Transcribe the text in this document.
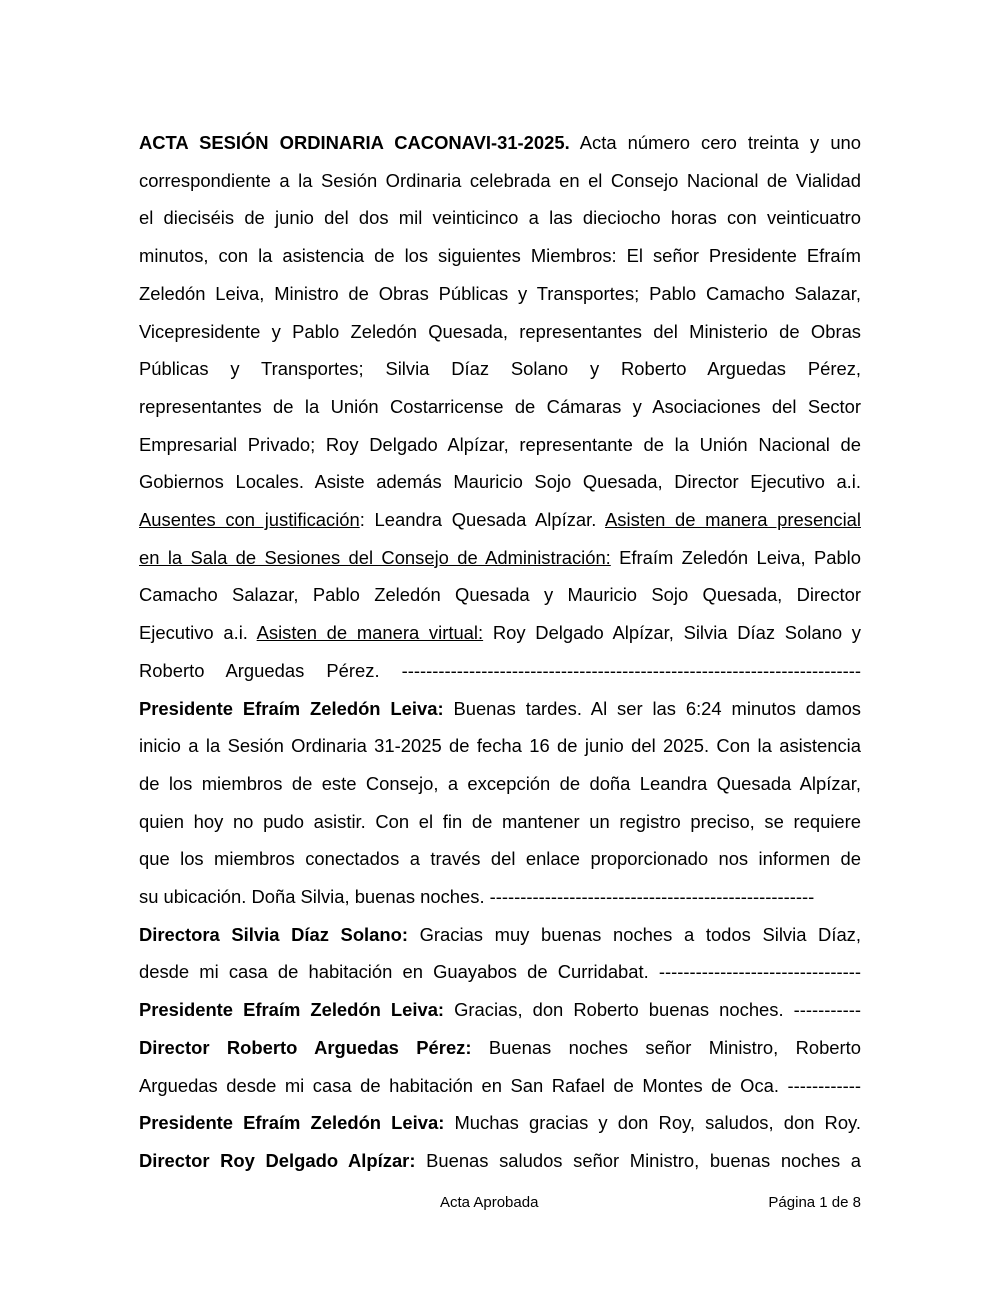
ACTA SESIÓN ORDINARIA CACONAVI-31-2025. Acta número cero treinta y uno
correspondiente a la Sesión Ordinaria celebrada en el Consejo Nacional de Vialidad
el dieciséis de junio del dos mil veinticinco a las dieciocho horas con veinticuatro
minutos, con la asistencia de los siguientes Miembros: El señor Presidente Efraím
Zeledón Leiva, Ministro de Obras Públicas y Transportes; Pablo Camacho Salazar,
Vicepresidente y Pablo Zeledón Quesada, representantes del Ministerio de Obras
Públicas y Transportes; Silvia Díaz Solano y Roberto Arguedas Pérez,
representantes de la Unión Costarricense de Cámaras y Asociaciones del Sector
Empresarial Privado; Roy Delgado Alpízar, representante de la Unión Nacional de
Gobiernos Locales. Asiste además Mauricio Sojo Quesada, Director Ejecutivo a.i.
Ausentes con justificación: Leandra Quesada Alpízar. Asisten de manera presencial
en la Sala de Sesiones del Consejo de Administración: Efraím Zeledón Leiva, Pablo
Camacho Salazar, Pablo Zeledón Quesada y Mauricio Sojo Quesada, Director
Ejecutivo a.i. Asisten de manera virtual: Roy Delgado Alpízar, Silvia Díaz Solano y
Roberto Arguedas Pérez. ---------------------------------------------------------------------------
Presidente Efraím Zeledón Leiva: Buenas tardes. Al ser las 6:24 minutos damos
inicio a la Sesión Ordinaria 31-2025 de fecha 16 de junio del 2025. Con la asistencia
de los miembros de este Consejo, a excepción de doña Leandra Quesada Alpízar,
quien hoy no pudo asistir. Con el fin de mantener un registro preciso, se requiere
que los miembros conectados a través del enlace proporcionado nos informen de
su ubicación. Doña Silvia, buenas noches. -----------------------------------------------------
Directora Silvia Díaz Solano: Gracias muy buenas noches a todos Silvia Díaz,
desde mi casa de habitación en Guayabos de Curridabat. ---------------------------------
Presidente Efraím Zeledón Leiva: Gracias, don Roberto buenas noches. -----------
Director Roberto Arguedas Pérez: Buenas noches señor Ministro, Roberto
Arguedas desde mi casa de habitación en San Rafael de Montes de Oca. ------------
Presidente Efraím Zeledón Leiva: Muchas gracias y don Roy, saludos, don Roy.
Director Roy Delgado Alpízar: Buenas saludos señor Ministro, buenas noches a
Acta Aprobada	Página 1 de 8
